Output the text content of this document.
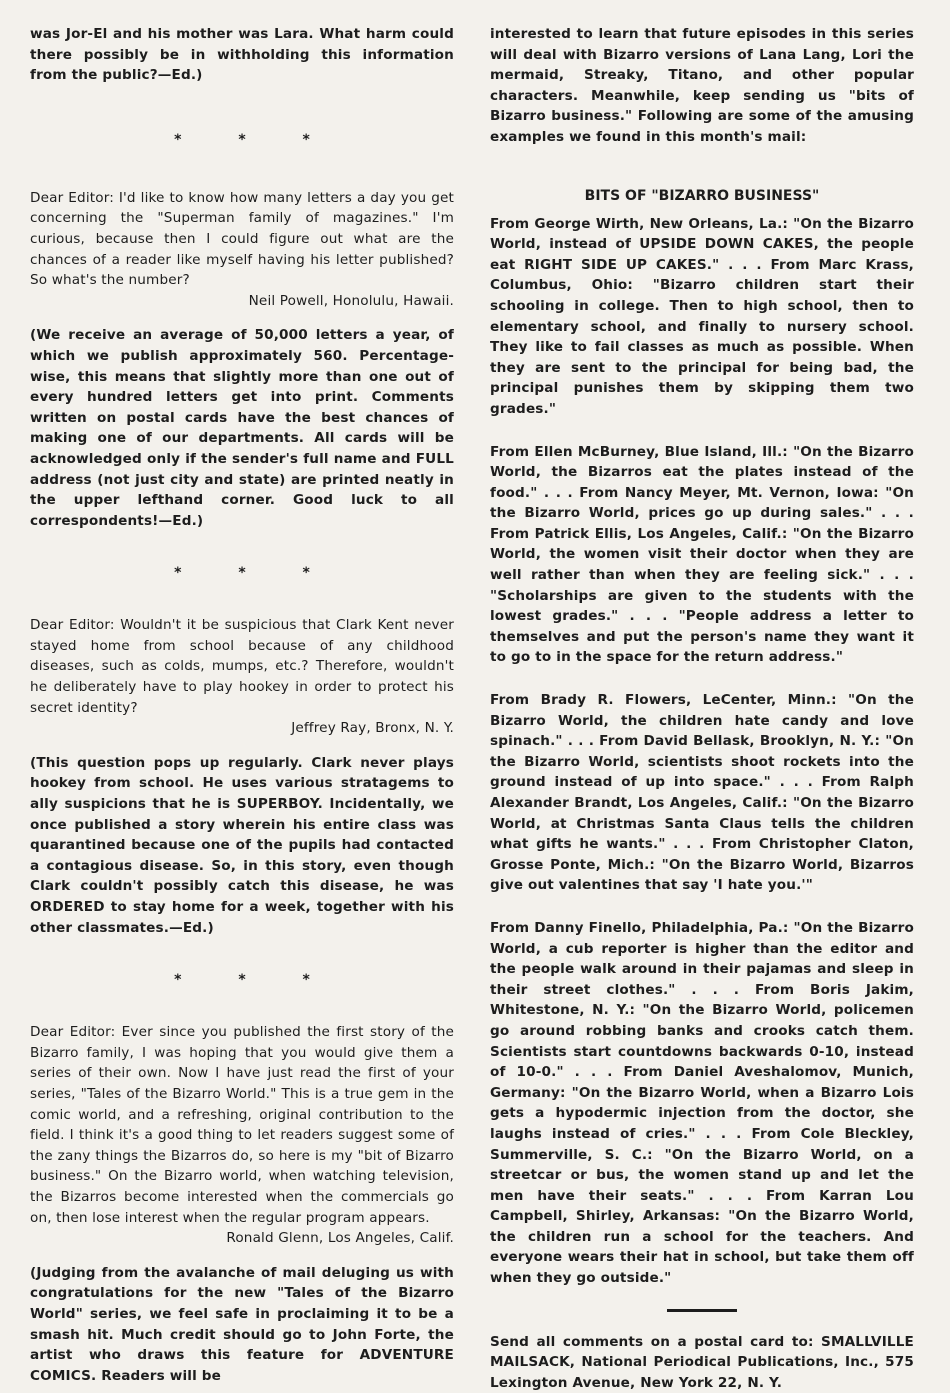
was Jor-El and his mother was Lara. What harm could there possibly be in withholding this information from the public?—Ed.)

* * *

Dear Editor: I'd like to know how many letters a day you get concerning the "Superman family of magazines." I'm curious, because then I could figure out what are the chances of a reader like myself having his letter published? So what's the number?

Neil Powell, Honolulu, Hawaii.

(We receive an average of 50,000 letters a year, of which we publish approximately 560. Percentage-wise, this means that slightly more than one out of every hundred letters get into print. Comments written on postal cards have the best chances of making one of our departments. All cards will be acknowledged only if the sender's full name and FULL address (not just city and state) are printed neatly in the upper lefthand corner. Good luck to all correspondents!—Ed.)

* * *

Dear Editor: Wouldn't it be suspicious that Clark Kent never stayed home from school because of any childhood diseases, such as colds, mumps, etc.? Therefore, wouldn't he deliberately have to play hookey in order to protect his secret identity?

Jeffrey Ray, Bronx, N. Y.

(This question pops up regularly. Clark never plays hookey from school. He uses various stratagems to ally suspicions that he is SUPERBOY. Incidentally, we once published a story wherein his entire class was quarantined because one of the pupils had contacted a contagious disease. So, in this story, even though Clark couldn't possibly catch this disease, he was ORDERED to stay home for a week, together with his other classmates.—Ed.)

* * *

Dear Editor: Ever since you published the first story of the Bizarro family, I was hoping that you would give them a series of their own. Now I have just read the first of your series, "Tales of the Bizarro World." This is a true gem in the comic world, and a refreshing, original contribution to the field. I think it's a good thing to let readers suggest some of the zany things the Bizarros do, so here is my "bit of Bizarro business." On the Bizarro world, when watching television, the Bizarros become interested when the commercials go on, then lose interest when the regular program appears.

Ronald Glenn, Los Angeles, Calif.

(Judging from the avalanche of mail deluging us with congratulations for the new "Tales of the Bizarro World" series, we feel safe in proclaiming it to be a smash hit. Much credit should go to John Forte, the artist who draws this feature for ADVENTURE COMICS. Readers will be

interested to learn that future episodes in this series will deal with Bizarro versions of Lana Lang, Lori the mermaid, Streaky, Titano, and other popular characters. Meanwhile, keep sending us "bits of Bizarro business." Following are some of the amusing examples we found in this month's mail:

BITS OF "BIZARRO BUSINESS"

From George Wirth, New Orleans, La.: "On the Bizarro World, instead of UPSIDE DOWN CAKES, the people eat RIGHT SIDE UP CAKES." . . . From Marc Krass, Columbus, Ohio: "Bizarro children start their schooling in college. Then to high school, then to elementary school, and finally to nursery school. They like to fail classes as much as possible. When they are sent to the principal for being bad, the principal punishes them by skipping them two grades."

From Ellen McBurney, Blue Island, Ill.: "On the Bizarro World, the Bizarros eat the plates instead of the food." . . . From Nancy Meyer, Mt. Vernon, Iowa: "On the Bizarro World, prices go up during sales." . . . From Patrick Ellis, Los Angeles, Calif.: "On the Bizarro World, the women visit their doctor when they are well rather than when they are feeling sick." . . . "Scholarships are given to the students with the lowest grades." . . . "People address a letter to themselves and put the person's name they want it to go to in the space for the return address."

From Brady R. Flowers, LeCenter, Minn.: "On the Bizarro World, the children hate candy and love spinach." . . . From David Bellask, Brooklyn, N. Y.: "On the Bizarro World, scientists shoot rockets into the ground instead of up into space." . . . From Ralph Alexander Brandt, Los Angeles, Calif.: "On the Bizarro World, at Christmas Santa Claus tells the children what gifts he wants." . . . From Christopher Claton, Grosse Ponte, Mich.: "On the Bizarro World, Bizarros give out valentines that say 'I hate you.'"

From Danny Finello, Philadelphia, Pa.: "On the Bizarro World, a cub reporter is higher than the editor and the people walk around in their pajamas and sleep in their street clothes." . . . From Boris Jakim, Whitestone, N. Y.: "On the Bizarro World, policemen go around robbing banks and crooks catch them. Scientists start countdowns backwards 0-10, instead of 10-0." . . . From Daniel Aveshalomov, Munich, Germany: "On the Bizarro World, when a Bizarro Lois gets a hypodermic injection from the doctor, she laughs instead of cries." . . . From Cole Bleckley, Summerville, S. C.: "On the Bizarro World, on a streetcar or bus, the women stand up and let the men have their seats." . . . From Karran Lou Campbell, Shirley, Arkansas: "On the Bizarro World, the children run a school for the teachers. And everyone wears their hat in school, but take them off when they go outside."

Send all comments on a postal card to: SMALLVILLE MAILSACK, National Periodical Publications, Inc., 575 Lexington Avenue, New York 22, N. Y.
